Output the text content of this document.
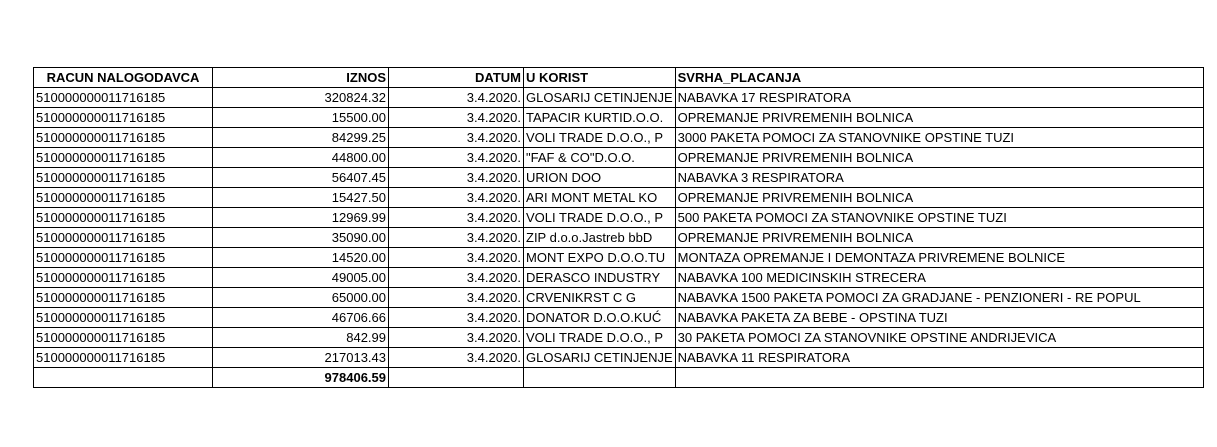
RACUN NALOGODAVCA	IZNOS	DATUM	U KORIST	SVRHA_PLACANJA
510000000011716185	320824.32	3.4.2020.	GLOSARIJ CETINJENJE	NABAVKA 17 RESPIRATORA
510000000011716185	15500.00	3.4.2020.	TAPACIR KURTID.O.O.	OPREMANJE PRIVREMENIH BOLNICA
510000000011716185	84299.25	3.4.2020.	VOLI TRADE D.O.O., P	3000 PAKETA POMOCI ZA STANOVNIKE OPSTINE TUZI
510000000011716185	44800.00	3.4.2020.	"FAF & CO"D.O.O.	OPREMANJE PRIVREMENIH BOLNICA
510000000011716185	56407.45	3.4.2020.	URION DOO	NABAVKA 3 RESPIRATORA
510000000011716185	15427.50	3.4.2020.	ARI MONT METAL KO	OPREMANJE PRIVREMENIH BOLNICA
510000000011716185	12969.99	3.4.2020.	VOLI TRADE D.O.O., P	500 PAKETA POMOCI ZA STANOVNIKE OPSTINE TUZI
510000000011716185	35090.00	3.4.2020.	ZIP d.o.o.Jastreb bbD	OPREMANJE PRIVREMENIH BOLNICA
510000000011716185	14520.00	3.4.2020.	MONT EXPO D.O.O.TU	MONTAZA OPREMANJE I DEMONTAZA PRIVREMENE BOLNICE
510000000011716185	49005.00	3.4.2020.	DERASCO INDUSTRY	NABAVKA 100 MEDICINSKIH STRECERA
510000000011716185	65000.00	3.4.2020.	CRVENIKRST C G	NABAVKA 1500 PAKETA POMOCI ZA GRADJANE - PENZIONERI - RE POPUL
510000000011716185	46706.66	3.4.2020.	DONATOR D.O.O.KUĆ	NABAVKA PAKETA ZA BEBE - OPSTINA TUZI
510000000011716185	842.99	3.4.2020.	VOLI TRADE D.O.O., P	30 PAKETA POMOCI ZA STANOVNIKE OPSTINE ANDRIJEVICA
510000000011716185	217013.43	3.4.2020.	GLOSARIJ CETINJENJE	NABAVKA 11 RESPIRATORA
	978406.59			
